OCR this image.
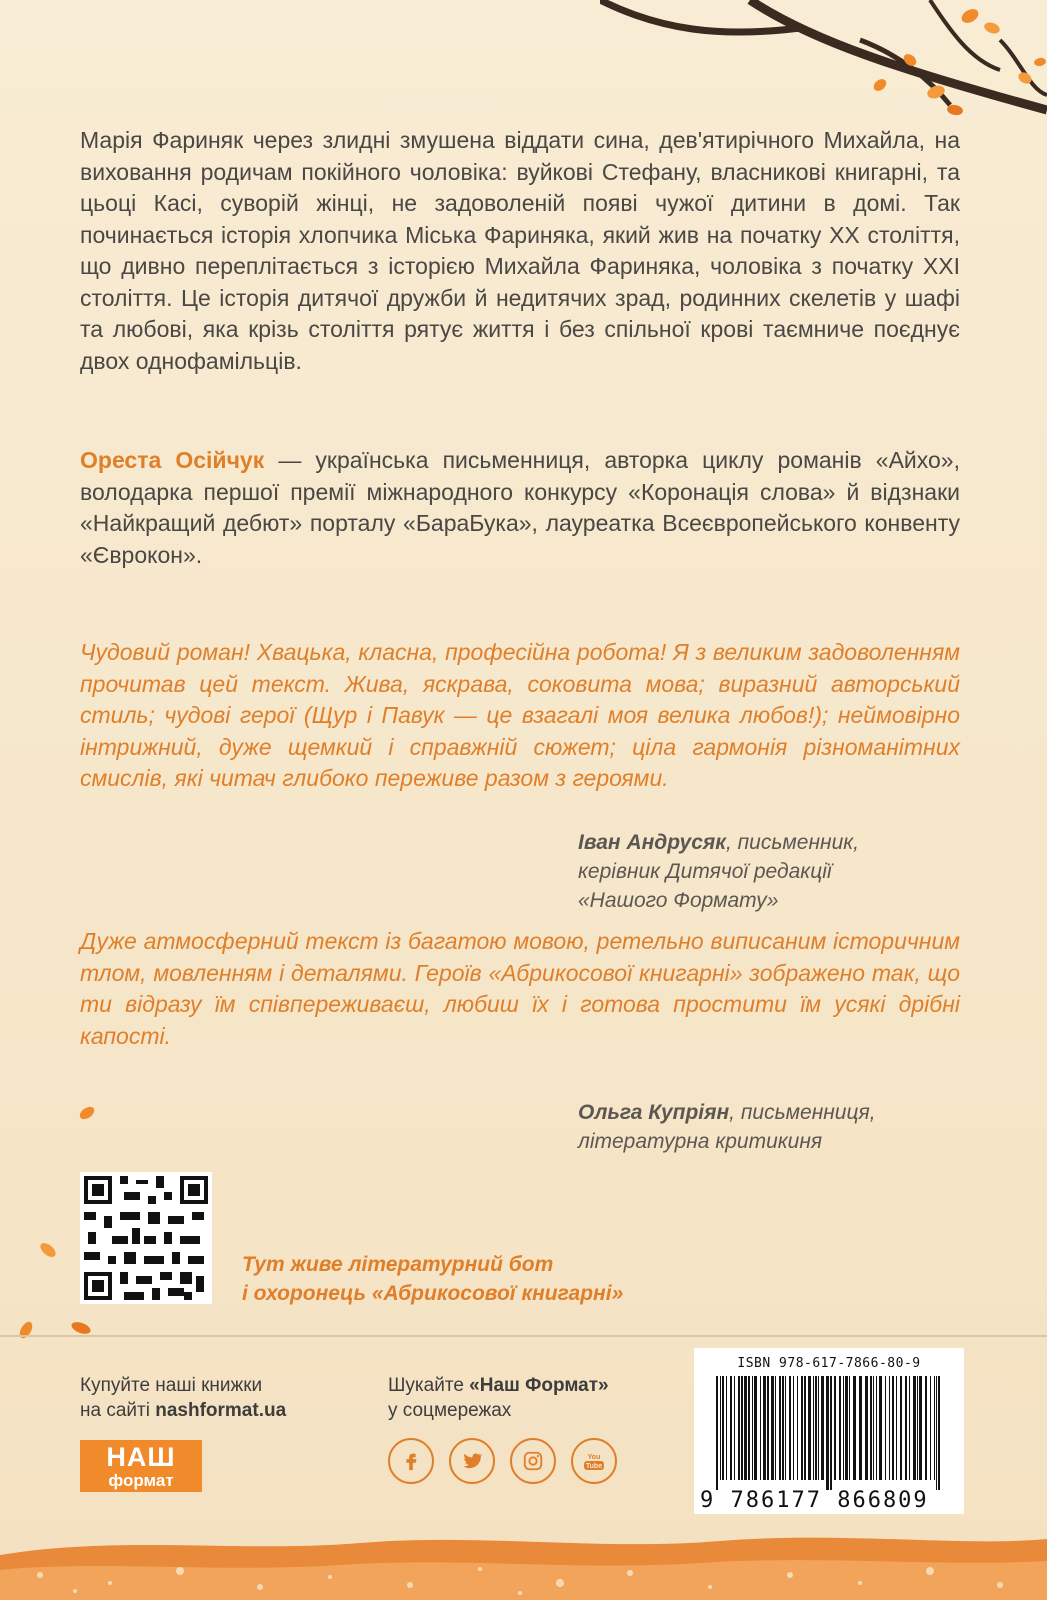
Марія Фариняк через злидні змушена віддати сина, дев'ятирічного Михайла, на виховання родичам покійного чоловіка: вуйкові Стефану, власникові книгарні, та цьоці Касі, суворій жінці, не задоволеній появі чужої дитини в домі. Так починається історія хлопчика Міська Фариняка, який жив на початку ХХ століття, що дивно переплітається з історією Михайла Фариняка, чоловіка з початку ХХІ століття. Це історія дитячої дружби й недитячих зрад, родинних скелетів у шафі та любові, яка крізь століття рятує життя і без спільної крові таємниче поєднує двох однофамільців.
Ореста Осійчук — українська письменниця, авторка циклу романів «Айхо», володарка першої премії міжнародного конкурсу «Коронація слова» й відзнаки «Найкращий дебют» порталу «БараБука», лауреатка Всеєвропейського конвенту «Єврокон».
Чудовий роман! Хвацька, класна, професійна робота! Я з великим задоволенням прочитав цей текст. Жива, яскрава, соковита мова; виразний авторський стиль; чудові герої (Щур і Павук — це взагалі моя велика любов!); неймовірно інтрижний, дуже щемкий і справжній сюжет; ціла гармонія різноманітних смислів, які читач глибоко переживе разом з героями.
Іван Андрусяк, письменник,
керівник Дитячої редакції
«Нашого Формату»
Дуже атмосферний текст із багатою мовою, ретельно виписаним історичним тлом, мовленням і деталями. Героїв «Абрикосової книгарні» зображено так, що ти відразу їм співпереживаєш, любиш їх і готова простити їм усякі дрібні капості.
Ольга Купріян, письменниця,
літературна критикиня
Тут живе літературний бот
і охоронець «Абрикосової книгарні»
Купуйте наші книжки
на сайті nashformat.ua
Шукайте «Наш Формат»
у соцмережах
You
Tube
НАШ
формат
ISBN 978-617-7866-80-9
9 786177 866809
